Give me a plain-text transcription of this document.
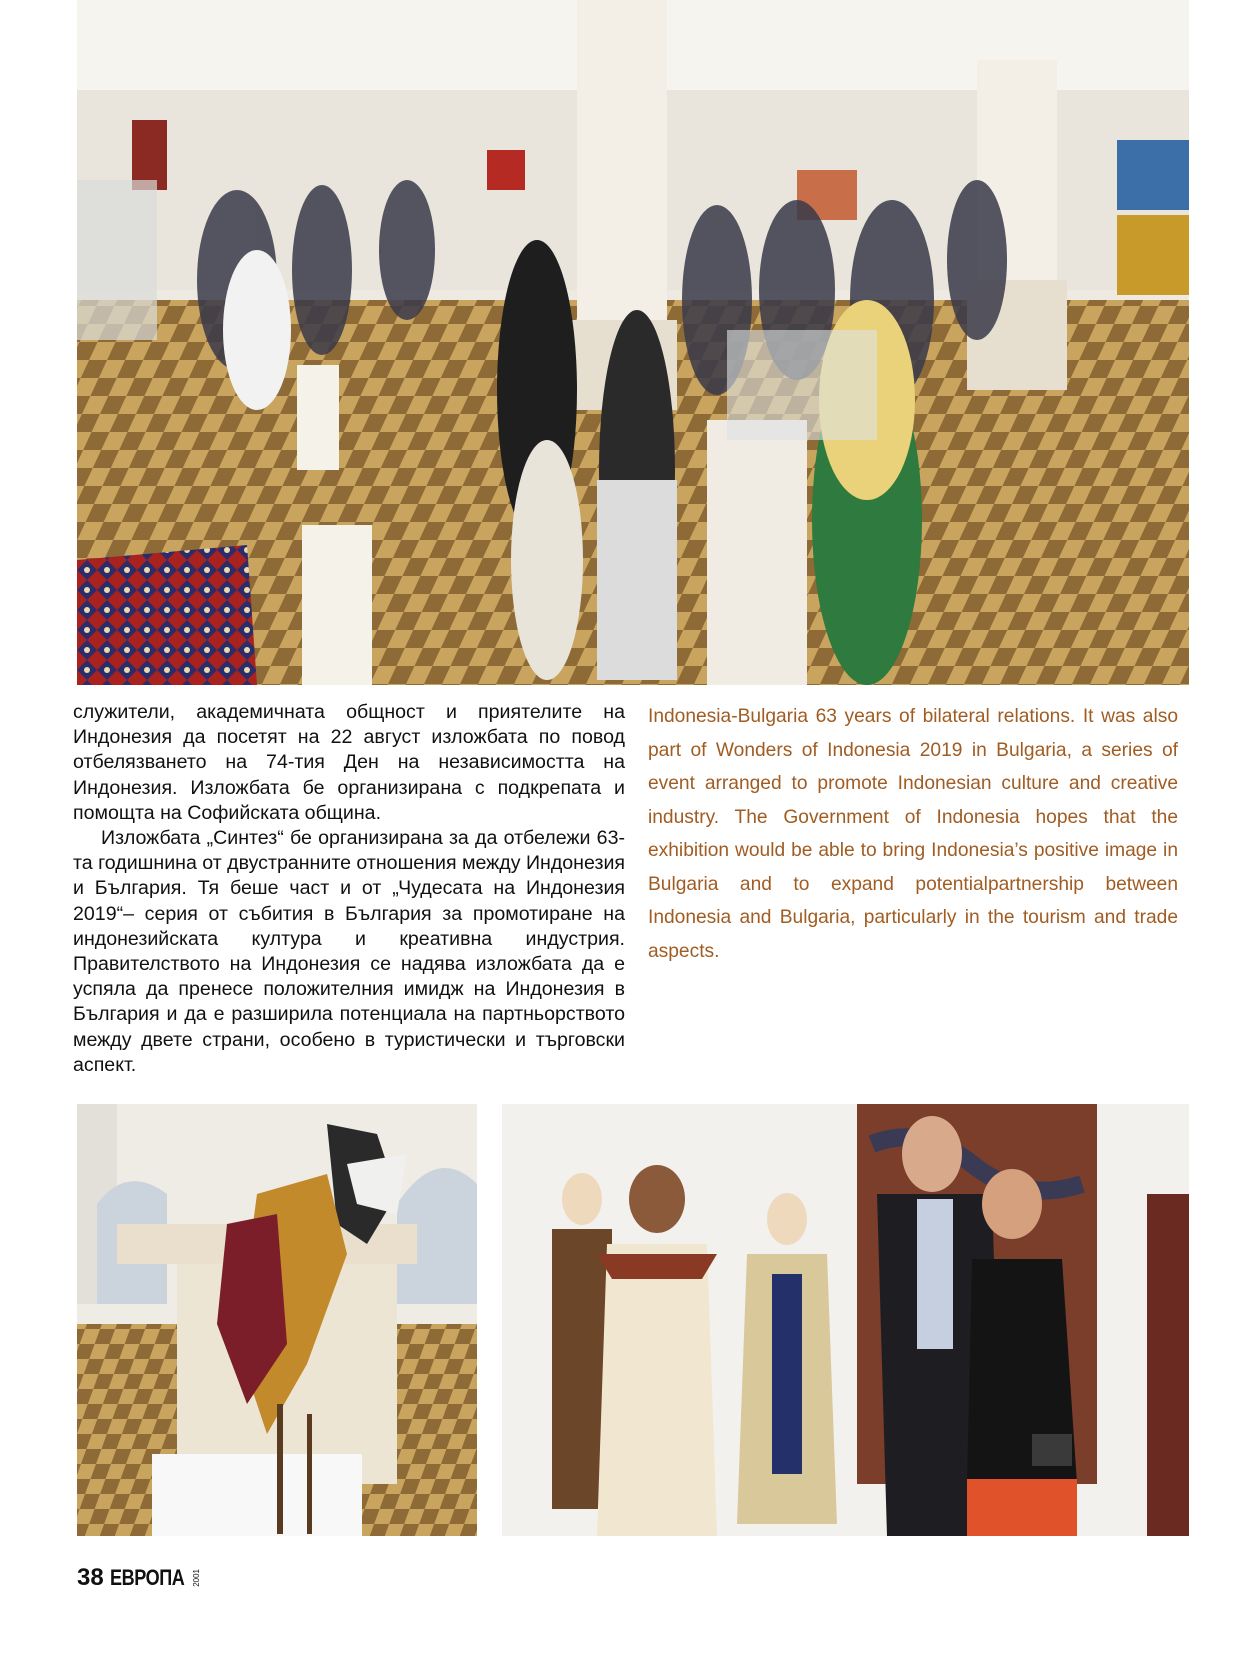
служители, академичната общност и приятелите на Индонезия да посетят на 22 август изложбата по повод отбелязването на 74-тия Ден на независимостта на Индонезия. Изложбата бе организирана с подкрепата и помощта на Софийската община.

Изложбата „Синтез“ бе организирана за да отбележи 63-та годишнина от двустранните отношения между Индонезия и България. Тя беше част и от „Чудесата на Индонезия 2019“– серия от събития в България за промотиране на индонезийската култура и креативна индустрия. Правителството на Индонезия се надява изложбата да е успяла да пренесе положителния имидж на Индонезия в България и да е разширила потенциала на партньорството между двете страни, особено в туристически и търговски аспект.

Indonesia-Bulgaria 63 years of bilateral relations. It was also part of Wonders of Indonesia 2019 in Bulgaria, a series of event arranged to promote Indonesian culture and creative industry. The Government of Indonesia hopes that the exhibition would be able to bring Indonesia’s positive image in Bulgaria and to expand potentialpartnership between Indonesia and Bulgaria, particularly in the tourism and trade aspects.

38 ЕВРОПА 2001
